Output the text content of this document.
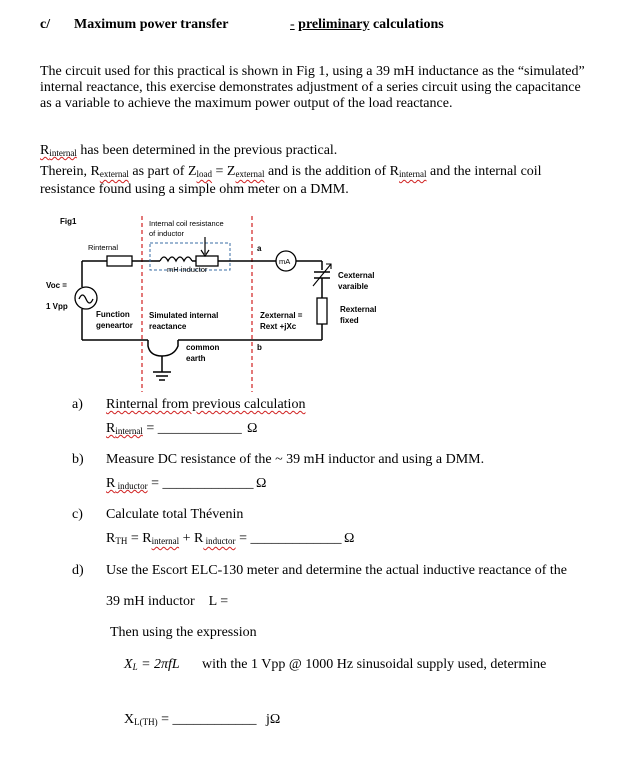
c/ Maximum power transfer	- preliminary calculations
The circuit used for this practical is shown in Fig 1, using a 39 mH inductance as the “simulated” internal reactance, this exercise demonstrates adjustment of a series circuit using the capacitance as a variable to achieve the maximum power output of the load reactance.
$R_{internal}$ has been determined in the previous practical.
Therein, $R_{external}$ as part of $Z_{load} = Z_{external}$ and is the addition of $R_{internal}$ and the internal coil
resistance found using a simple ohm meter on a DMM.
Fig1
Rinternal
Internal coil resistance
of inductor
mH inductor
a
mA
Cexternal
varaible
Rexternal
fixed
Voc =
1 Vpp
Function
geneartor
Simulated internal
reactance
Zexternal =
Rext +jXc
common
earth
b
a) Rinternal from previous calculation
$R_{internal}$ = ____________ Ω
b) Measure DC resistance of the ~ 39 mH inductor and using a DMM.
R $_{inductor}$ = _____________ Ω
c) Calculate total Thévenin
$R_{TH} = R_{internal} + R$ $_{inductor}$ = _____________ Ω
d) Use the Escort ELC-130 meter and determine the actual inductive reactance of the
39 mH inductor    L =
Then using the expression
$X_L = 2\pi fL$ with the 1 Vpp @ 1000 Hz sinusoidal supply used, determine
$X_{L(TH)}$ = ____________ jΩ
